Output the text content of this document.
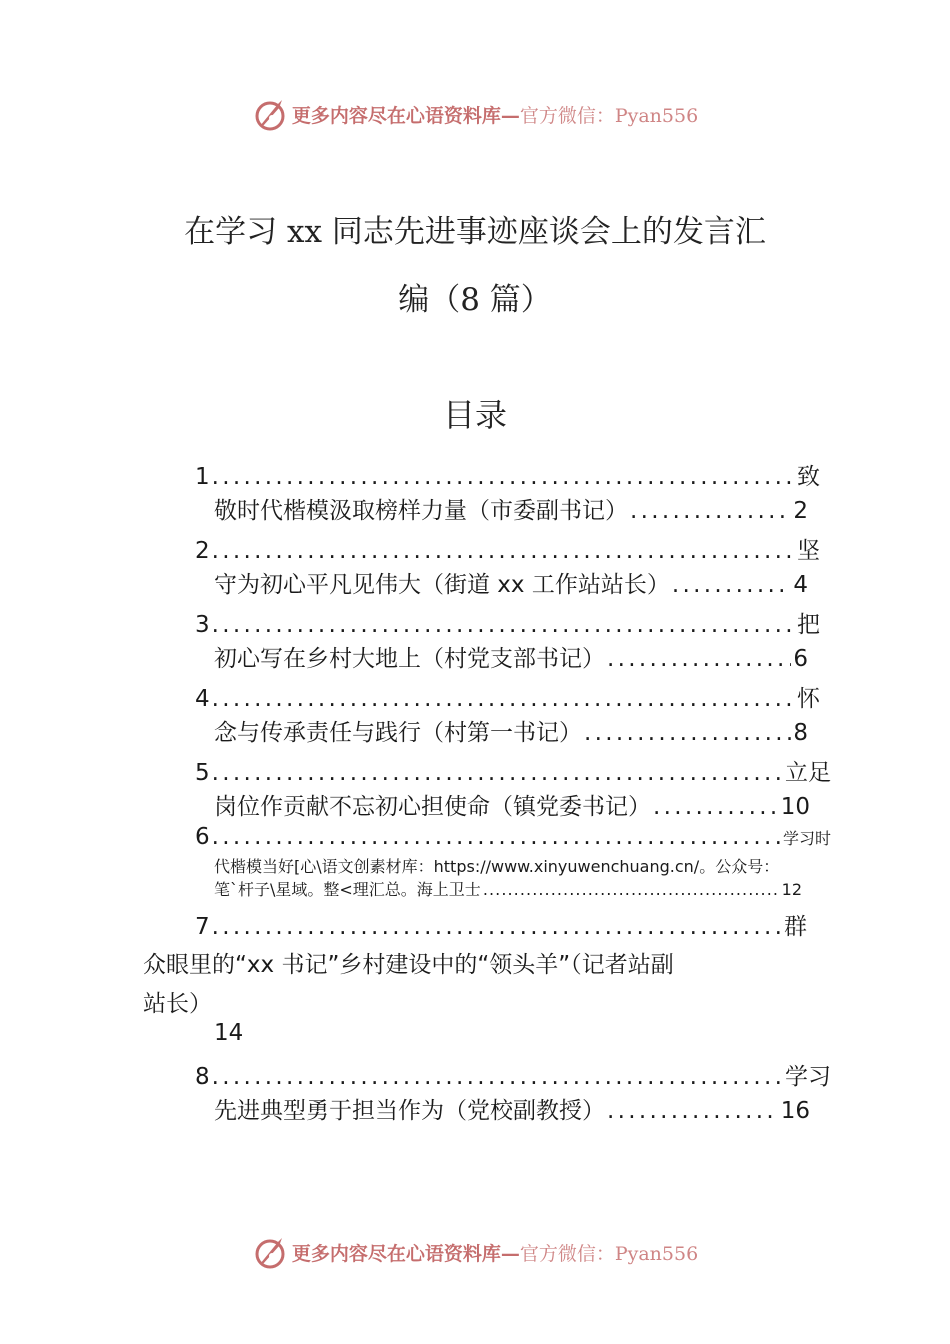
更多内容尽在心语资料库— 官方微信：Pyan556
在学习 xx 同志先进事迹座谈会上的发言汇
编（8 篇）
目录
1 . . .	致
敬时代楷模汲取榜样力量（市委副书记） . . .	2
2 . . .	坚
守为初心平凡见伟大（街道 xx 工作站站长） . . .	4
3 . . .	把
初心写在乡村大地上（村党支部书记） . . .	6
4 . . .	怀
念与传承责任与践行（村第一书记） . . .	8
5 . . .	立足
岗位作贡献不忘初心担使命（镇党委书记） . . .	10
6 . . .	学习时
代楷模当好[心\语文创素材库：https://www.xinyuwenchuang.cn/。公众号：
笔`杆子\星域。整<理汇总。海上卫士 . . .	12
7 . . .	群
众眼里的“xx 书记”乡村建设中的“领头羊”（记者站副
站长）
14
8 . . .	学习
先进典型勇于担当作为（党校副教授） . . .	16
更多内容尽在心语资料库— 官方微信：Pyan556
